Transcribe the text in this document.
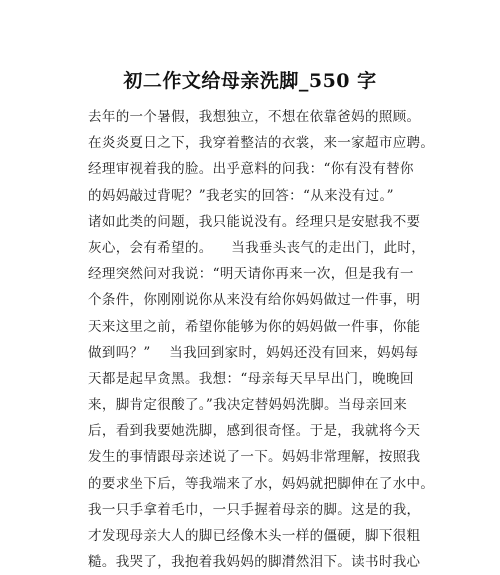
初二作文给母亲洗脚_550 字
去年的一个暑假，我想独立，不想在依靠爸妈的照顾。
在炎炎夏日之下，我穿着整洁的衣裳，来一家超市应聘。
经理审视着我的脸。出乎意料的问我：“你有没有替你
的妈妈敲过背呢？”我老实的回答：“从来没有过。”
诸如此类的问题，我只能说没有。经理只是安慰我不要
灰心，会有希望的。    当我垂头丧气的走出门，此时，
经理突然问对我说：“明天请你再来一次，但是我有一
个条件，你刚刚说你从来没有给你妈妈做过一件事，明
天来这里之前，希望你能够为你的妈妈做一件事，你能
做到吗？”    当我回到家时，妈妈还没有回来，妈妈每
天都是起早贪黑。我想：“母亲每天早早出门，晚晚回
来，脚肯定很酸了。”我决定替妈妈洗脚。当母亲回来
后，看到我要她洗脚，感到很奇怪。于是，我就将今天
发生的事情跟母亲述说了一下。妈妈非常理解，按照我
的要求坐下后，等我端来了水，妈妈就把脚伸在了水中。
我一只手拿着毛巾，一只手握着母亲的脚。这是的我，
才发现母亲大人的脚已经像木头一样的僵硬，脚下很粗
糙。我哭了，我抱着我妈妈的脚潸然泪下。读书时我心
